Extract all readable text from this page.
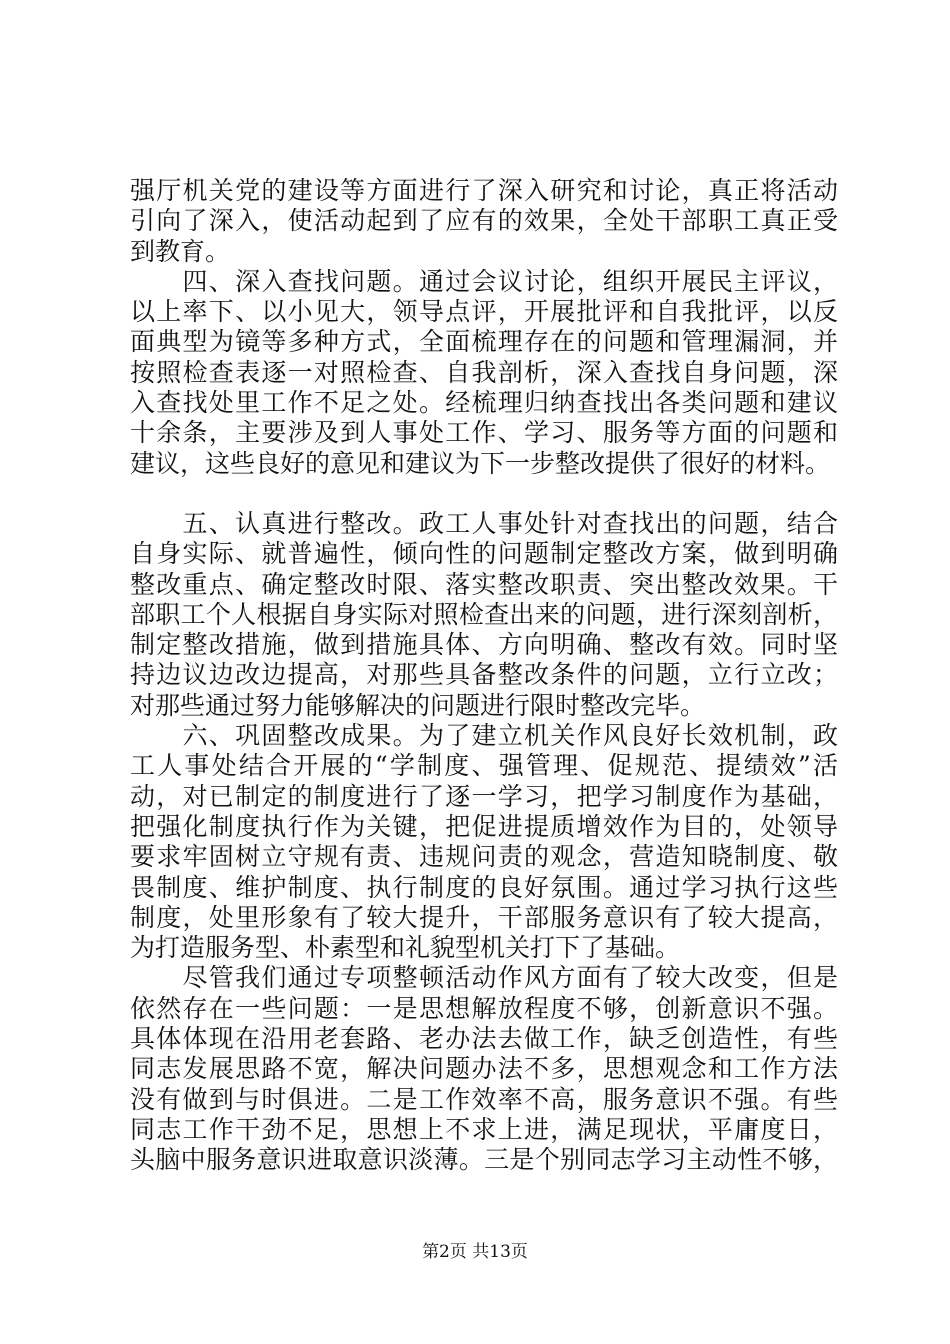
强厅机关党的建设等方面进行了深入研究和讨论，真正将活动
引向了深入，使活动起到了应有的效果，全处干部职工真正受
到教育。
　　四、深入查找问题。通过会议讨论，组织开展民主评议，
以上率下、以小见大，领导点评，开展批评和自我批评，以反
面典型为镜等多种方式，全面梳理存在的问题和管理漏洞，并
按照检查表逐一对照检查、自我剖析，深入查找自身问题，深
入查找处里工作不足之处。经梳理归纳查找出各类问题和建议
十余条，主要涉及到人事处工作、学习、服务等方面的问题和
建议，这些良好的意见和建议为下一步整改提供了很好的材料。
　　五、认真进行整改。政工人事处针对查找出的问题，结合
自身实际、就普遍性，倾向性的问题制定整改方案，做到明确
整改重点、确定整改时限、落实整改职责、突出整改效果。干
部职工个人根据自身实际对照检查出来的问题，进行深刻剖析，
制定整改措施，做到措施具体、方向明确、整改有效。同时坚
持边议边改边提高，对那些具备整改条件的问题，立行立改；
对那些通过努力能够解决的问题进行限时整改完毕。
　　六、巩固整改成果。为了建立机关作风良好长效机制，政
工人事处结合开展的“学制度、强管理、促规范、提绩效”活
动，对已制定的制度进行了逐一学习，把学习制度作为基础，
把强化制度执行作为关键，把促进提质增效作为目的，处领导
要求牢固树立守规有责、违规问责的观念，营造知晓制度、敬
畏制度、维护制度、执行制度的良好氛围。通过学习执行这些
制度，处里形象有了较大提升，干部服务意识有了较大提高，
为打造服务型、朴素型和礼貌型机关打下了基础。
　　尽管我们通过专项整顿活动作风方面有了较大改变，但是
依然存在一些问题：一是思想解放程度不够，创新意识不强。
具体体现在沿用老套路、老办法去做工作，缺乏创造性，有些
同志发展思路不宽，解决问题办法不多，思想观念和工作方法
没有做到与时俱进。二是工作效率不高，服务意识不强。有些
同志工作干劲不足，思想上不求上进，满足现状，平庸度日，
头脑中服务意识进取意识淡薄。三是个别同志学习主动性不够，
第2页 共13页
